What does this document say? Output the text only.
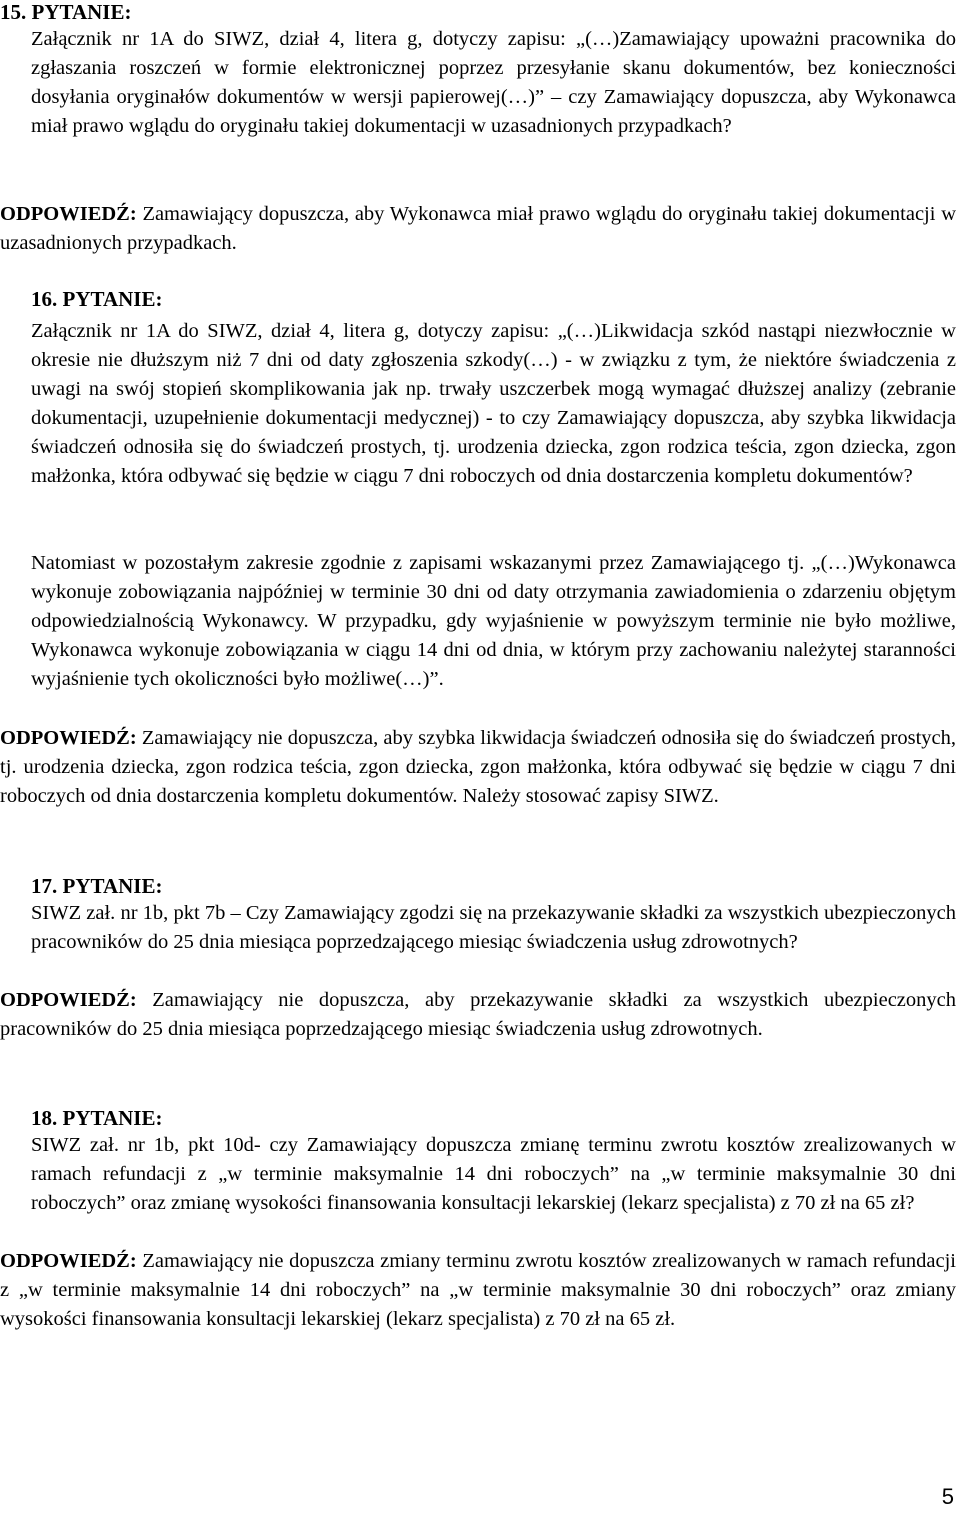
15. PYTANIE:
Załącznik nr 1A do SIWZ, dział 4, litera g, dotyczy zapisu: „(…)Zamawiający upoważni pracownika do zgłaszania roszczeń w formie elektronicznej poprzez przesyłanie skanu dokumentów, bez konieczności dosyłania oryginałów dokumentów w wersji papierowej(…)” – czy Zamawiający dopuszcza, aby Wykonawca miał prawo wglądu do oryginału takiej dokumentacji w uzasadnionych przypadkach?
ODPOWIEDŹ: Zamawiający dopuszcza, aby Wykonawca miał prawo wglądu do oryginału takiej dokumentacji w uzasadnionych przypadkach.
16. PYTANIE:
Załącznik nr 1A do SIWZ, dział 4, litera g, dotyczy zapisu: „(…)Likwidacja szkód nastąpi niezwłocznie w okresie nie dłuższym niż 7 dni od daty zgłoszenia szkody(…) - w związku z tym, że niektóre świadczenia z uwagi na swój stopień skomplikowania jak np. trwały uszczerbek mogą wymagać dłuższej analizy (zebranie dokumentacji, uzupełnienie dokumentacji medycznej) - to czy Zamawiający dopuszcza, aby szybka likwidacja świadczeń odnosiła się do świadczeń prostych, tj. urodzenia dziecka, zgon rodzica teścia, zgon dziecka, zgon małżonka, która odbywać się będzie w ciągu 7 dni roboczych od dnia dostarczenia kompletu dokumentów?
Natomiast w pozostałym zakresie zgodnie z zapisami wskazanymi przez Zamawiającego tj. „(…)Wykonawca wykonuje zobowiązania najpóźniej w terminie 30 dni od daty otrzymania zawiadomienia o zdarzeniu objętym odpowiedzialnością Wykonawcy. W przypadku, gdy wyjaśnienie w powyższym terminie nie było możliwe, Wykonawca wykonuje zobowiązania w ciągu 14 dni od dnia, w którym przy zachowaniu należytej staranności wyjaśnienie tych okoliczności było możliwe(…)”.
ODPOWIEDŹ: Zamawiający nie dopuszcza, aby szybka likwidacja świadczeń odnosiła się do świadczeń prostych, tj. urodzenia dziecka, zgon rodzica teścia, zgon dziecka, zgon małżonka, która odbywać się będzie w ciągu 7 dni roboczych od dnia dostarczenia kompletu dokumentów. Należy stosować zapisy SIWZ.
17. PYTANIE:
SIWZ zał. nr 1b, pkt 7b – Czy Zamawiający zgodzi się na przekazywanie składki za wszystkich ubezpieczonych pracowników do 25 dnia miesiąca poprzedzającego miesiąc świadczenia usług zdrowotnych?
ODPOWIEDŹ: Zamawiający nie dopuszcza, aby przekazywanie składki za wszystkich ubezpieczonych pracowników do 25 dnia miesiąca poprzedzającego miesiąc świadczenia usług zdrowotnych.
18. PYTANIE:
SIWZ zał. nr 1b, pkt 10d- czy Zamawiający dopuszcza zmianę terminu zwrotu kosztów zrealizowanych w ramach refundacji z „w terminie maksymalnie 14 dni roboczych” na „w terminie maksymalnie 30 dni roboczych” oraz zmianę wysokości finansowania konsultacji lekarskiej (lekarz specjalista) z 70 zł na 65 zł?
ODPOWIEDŹ: Zamawiający nie dopuszcza zmiany terminu zwrotu kosztów zrealizowanych w ramach refundacji z „w terminie maksymalnie 14 dni roboczych” na „w terminie maksymalnie 30 dni roboczych” oraz zmiany wysokości finansowania konsultacji lekarskiej (lekarz specjalista) z 70 zł na 65 zł.
5
